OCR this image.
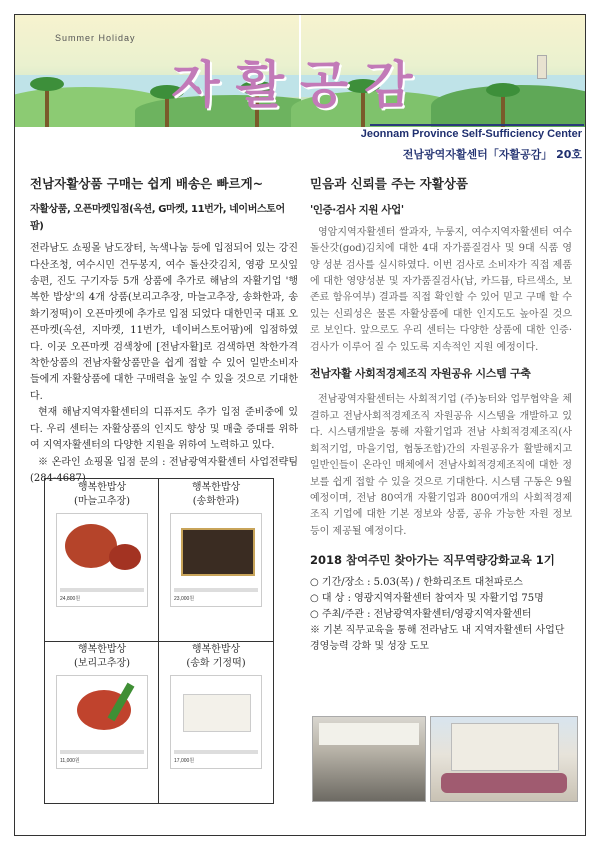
Summer Holiday
자활공감
Jeonnam Province Self-Sufficiency Center
전남광역자활센터「자활공감」 20호
전남자활상품 구매는 쉽게 배송은 빠르게~
자활상품, 오픈마켓입점(옥션, G마켓, 11번가, 네이버스토어팜)

전라남도 쇼핑몰 남도장터, 녹색나눔 등에 입점되어 있는 강진다산조청, 여수시민 건두봉지, 여수 돌산갓김치, 영광 모싯잎송편, 진도 구기자등 5개 상품에 추가로 해남의 자활기업 '행복한 밥상'의 4개 상품(보리고추장, 마늘고추장, 송화한과, 송화기정떡)이 오픈마켓에 추가로 입점 되었다 대한민국 대표 오픈마켓(옥션, 지마켓, 11번가, 네이버스토어팜)에 입점하였다. 이곳 오픈마켓 검색창에 [전남자활]로 검색하면 착한가격 착한상품의 전남자활상품만을 쉽게 접할 수 있어 일반소비자들에게 자활상품에 대한 구매력을 높일 수 있을 것으로 기대한다.

현재 해남지역자활센터의 디퓨저도 추가 입점 준비중에 있다. 우리 센터는 자활상품의 인지도 향상 및 매출 증대를 위하여 지역자활센터의 다양한 지원을 위하여 노력하고 있다.

※ 온라인 쇼핑몰 입점 문의 : 전남광역자활센터 사업전략팀(284-4687)

행복한밥상
(마늘고추장)
24,800원
행복한밥상
(송화한과)
23,000원
행복한밥상
(보리고추장)
11,000원
행복한밥상
(송화 기정떡)
17,000원
믿음과 신뢰를 주는 자활상품
'인증·검사 지원 사업'

영암지역자활센터 쌀과자, 누룽지, 여수지역자활센터 여수돌산갓(god)김치에 대한 4대 자가품질검사 및 9대 식품 영양 성분 검사를 실시하였다. 이번 검사로 소비자가 직접 제품에 대한 영양성분 및 자가품질검사(납, 카드뮴, 타르색소, 보존료 함유여부) 결과를 직접 확인할 수 있어 믿고 구매 할 수 있는 신뢰성은 물론 자활상품에 대한 인지도도 높아질 것으로 보인다. 앞으로도 우리 센터는 다양한 상품에 대한 인증·검사가 이루어 질 수 있도록 지속적인 지원 예정이다.

전남자활 사회적경제조직 자원공유 시스템 구축

전남광역자활센터는 사회적기업 (주)농터와 업무협약을 체결하고 전남사회적경제조직 자원공유 시스템을 개발하고 있다. 시스템개발을 통해 자활기업과 전남 사회적경제조직(사회적기업, 마을기업, 협동조합)간의 자원공유가 활발해지고 일반인들이 온라인 매체에서 전남사회적경제조직에 대한 정보를 쉽게 접할 수 있을 것으로 기대한다. 시스템 구동은 9월 예정이며, 전남 80여개 자활기업과 800여개의 사회적경제조직 기업에 대한 기본 정보와 상품, 공유 가능한 자원 정보 등이 제공될 예정이다.

2018 참여주민 찾아가는 직무역량강화교육 1기
○ 기간/장소 : 5.03(목) / 한화리조트 대천파로스
○ 대 상 : 영광지역자활센터 참여자 및 자활기업 75명
○ 주최/주관 : 전남광역자활센터/영광지역자활센터
※ 기본 직무교육을 통해 전라남도 내 지역자활센터 사업단 경영능력 강화 및 성장 도모
